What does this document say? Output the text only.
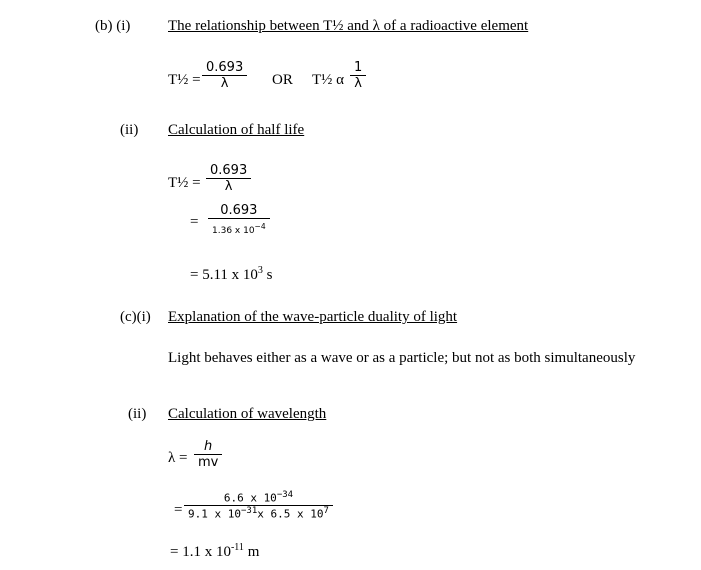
(b) (i)	The relationship between T½ and λ of a radioactive element
T½ = $\frac{0.693}{\lambda}$ OR T½ α $\frac{1}{\lambda}$
(ii) Calculation of half life
T½ = $\frac{0.693}{\lambda}$
=
0.693
1.36 x $10^{-4}$
= 5.11 x $10^3$ s
(c)(i) Explanation of the wave-particle duality of light
Light behaves either as a wave or as a particle; but not as both simultaneously
(ii) Calculation of wavelength
$\lambda = \frac{h}{mv}$
= $\frac{6.6 x 10^{-34}}{9.1 x 10^{-31}x 6.5 x 10^7}$
= 1.1 x $10^{-11}$ m
